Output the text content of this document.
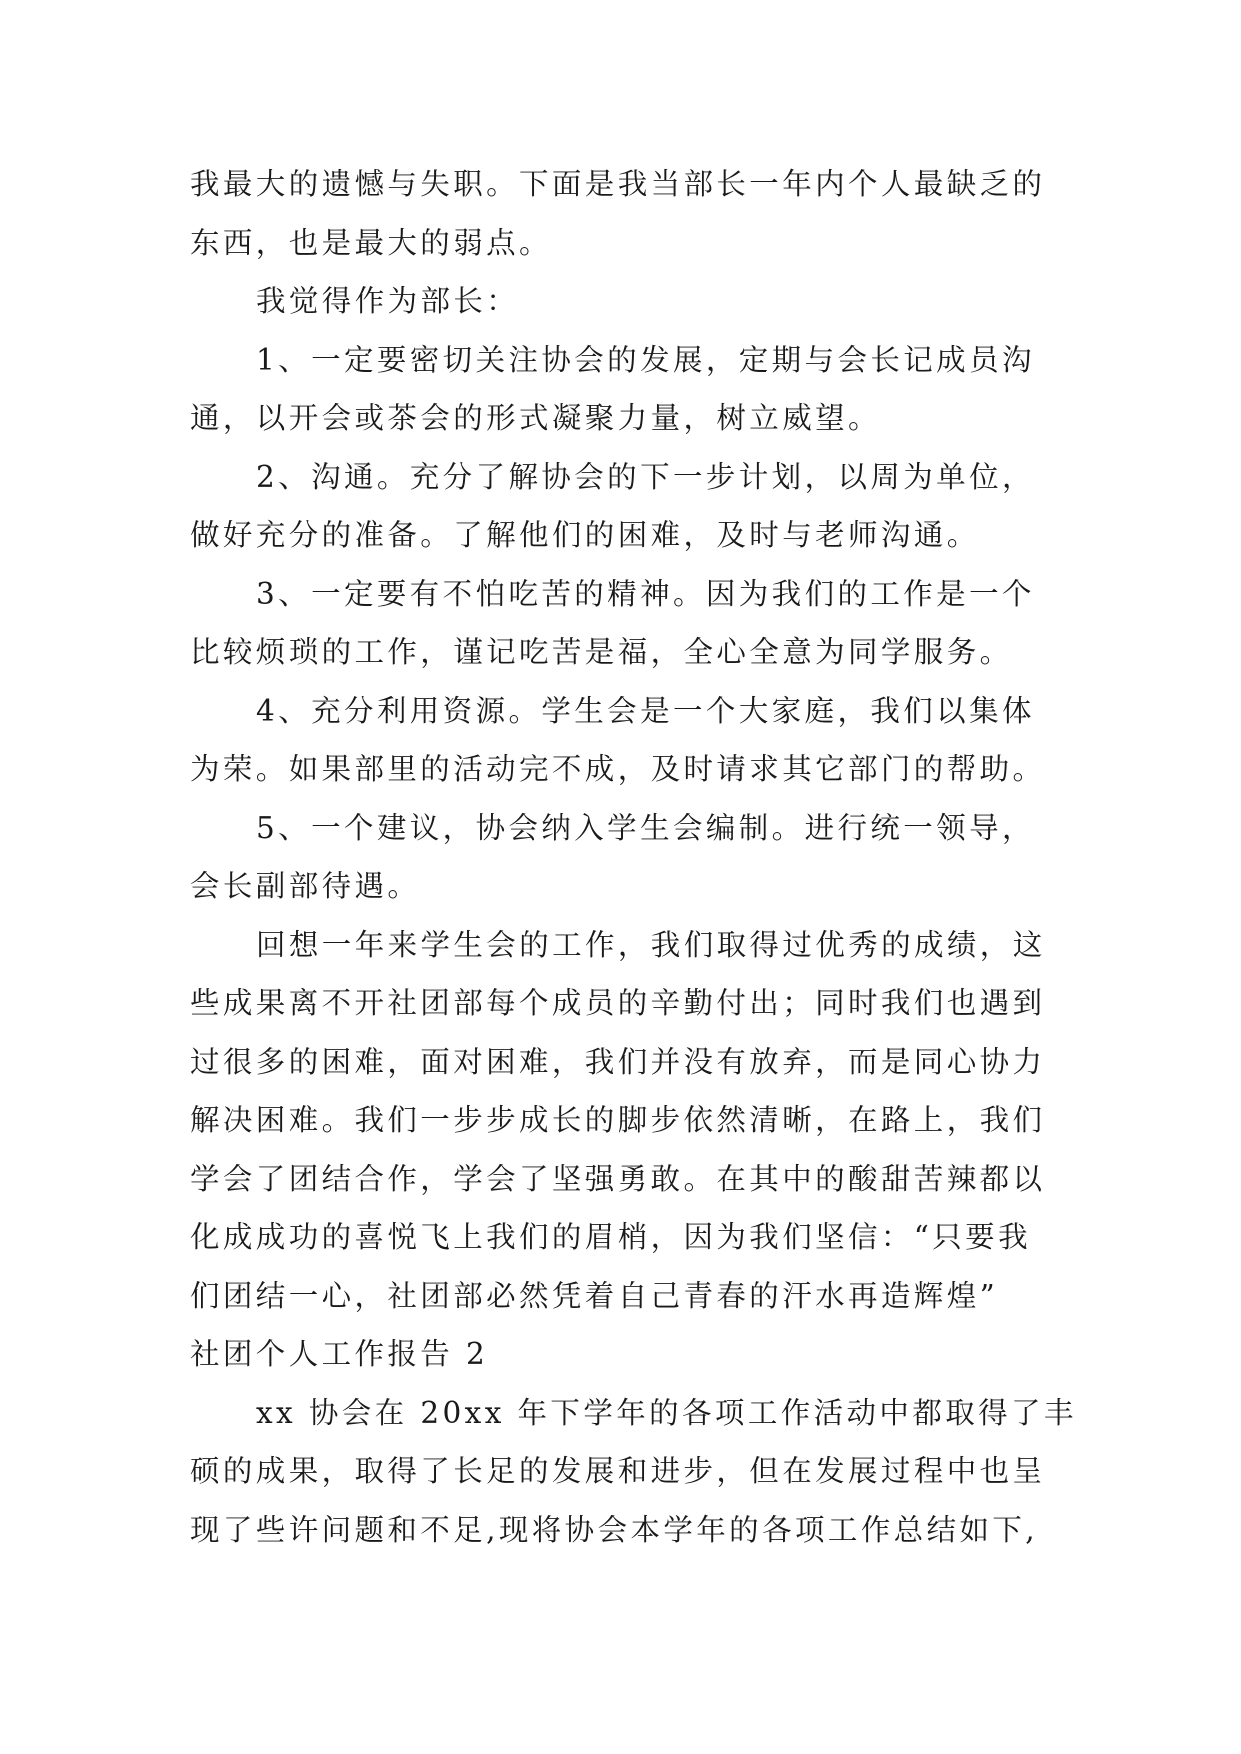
我最大的遗憾与失职。下面是我当部长一年内个人最缺乏的
东西，也是最大的弱点。
我觉得作为部长：
1、一定要密切关注协会的发展，定期与会长记成员沟
通，以开会或茶会的形式凝聚力量，树立威望。
2、沟通。充分了解协会的下一步计划，以周为单位，
做好充分的准备。了解他们的困难，及时与老师沟通。
3、一定要有不怕吃苦的精神。因为我们的工作是一个
比较烦琐的工作，谨记吃苦是福，全心全意为同学服务。
4、充分利用资源。学生会是一个大家庭，我们以集体
为荣。如果部里的活动完不成，及时请求其它部门的帮助。
5、一个建议，协会纳入学生会编制。进行统一领导，
会长副部待遇。
回想一年来学生会的工作，我们取得过优秀的成绩，这
些成果离不开社团部每个成员的辛勤付出；同时我们也遇到
过很多的困难，面对困难，我们并没有放弃，而是同心协力
解决困难。我们一步步成长的脚步依然清晰，在路上，我们
学会了团结合作，学会了坚强勇敢。在其中的酸甜苦辣都以
化成成功的喜悦飞上我们的眉梢，因为我们坚信：“只要我
们团结一心，社团部必然凭着自己青春的汗水再造辉煌”
社团个人工作报告 2
xx 协会在 20xx 年下学年的各项工作活动中都取得了丰
硕的成果，取得了长足的发展和进步，但在发展过程中也呈
现了些许问题和不足,现将协会本学年的各项工作总结如下,
